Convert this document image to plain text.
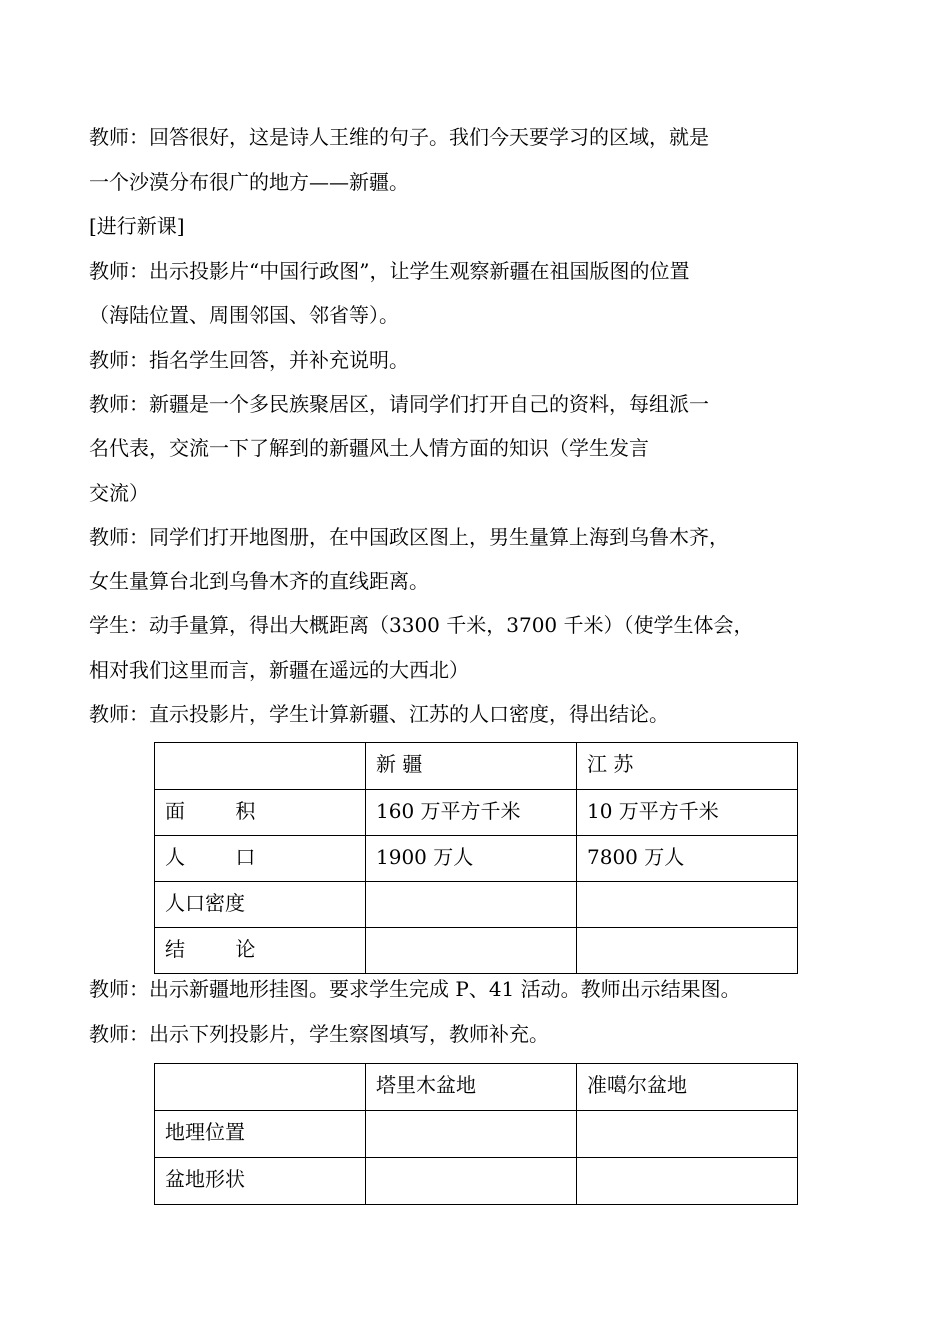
教师：回答很好，这是诗人王维的句子。我们今天要学习的区域，就是
一个沙漠分布很广的地方——新疆。
[进行新课]
教师：出示投影片“中国行政图”，让学生观察新疆在祖国版图的位置
（海陆位置、周围邻国、邻省等）。
教师：指名学生回答，并补充说明。
教师：新疆是一个多民族聚居区，请同学们打开自己的资料，每组派一
名代表，交流一下了解到的新疆风土人情方面的知识（学生发言
交流）
教师：同学们打开地图册，在中国政区图上，男生量算上海到乌鲁木齐，
女生量算台北到乌鲁木齐的直线距离。
学生：动手量算，得出大概距离（3300 千米，3700 千米）（使学生体会，
相对我们这里而言，新疆在遥远的大西北）
教师：直示投影片，学生计算新疆、江苏的人口密度，得出结论。
	新 疆	江 苏
面 积	160 万平方千米	10 万平方千米
人 口	1900 万人	7800 万人
人口密度		
结 论		
教师：出示新疆地形挂图。要求学生完成 P、41 活动。教师出示结果图。
教师：出示下列投影片，学生察图填写，教师补充。
	塔里木盆地	准噶尔盆地
地理位置		
盆地形状		
